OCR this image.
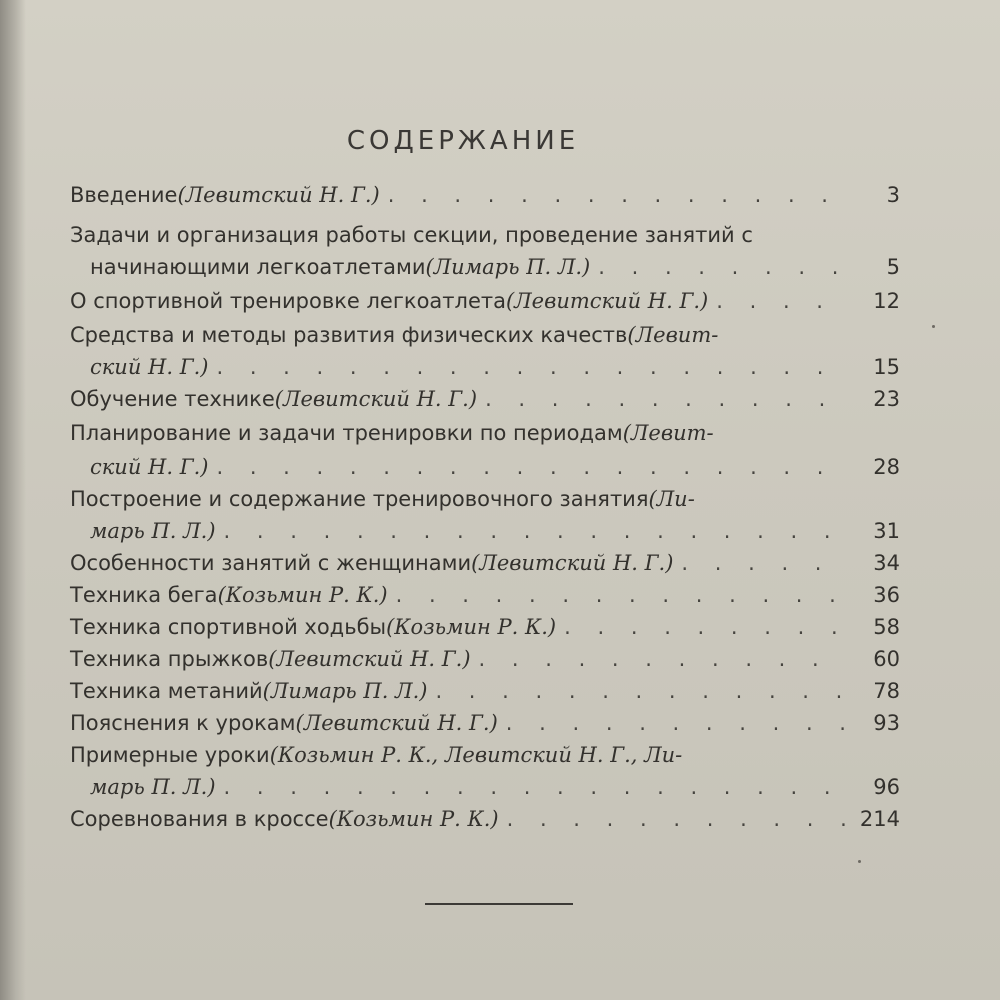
СОДЕРЖАНИЕ
Введение (Левитский Н. Г.) . . .	3
Задачи и организация работы секции, проведение занятий с
начинающими легкоатлетами (Лимарь П. Л.) . . .	5
О спортивной тренировке легкоатлета (Левитский Н. Г.) . . .	12
Средства и методы развития физических качеств (Левит-
ский Н. Г.) . . .	15
Обучение технике (Левитский Н. Г.) . . .	23
Планирование и задачи тренировки по периодам (Левит-
ский Н. Г.) . . .	28
Построение и содержание тренировочного занятия (Ли-
марь П. Л.) . . .	31
Особенности занятий с женщинами (Левитский Н. Г.) . . .	34
Техника бега (Козьмин Р. К.) . . .	36
Техника спортивной ходьбы (Козьмин Р. К.) . . .	58
Техника прыжков (Левитский Н. Г.) . . .	60
Техника метаний (Лимарь П. Л.) . . .	78
Пояснения к урокам (Левитский Н. Г.) . . .	93
Примерные уроки (Козьмин Р. К., Левитский Н. Г., Ли-
марь П. Л.) . . .	96
Соревнования в кроссе (Козьмин Р. К.) . . .	214
